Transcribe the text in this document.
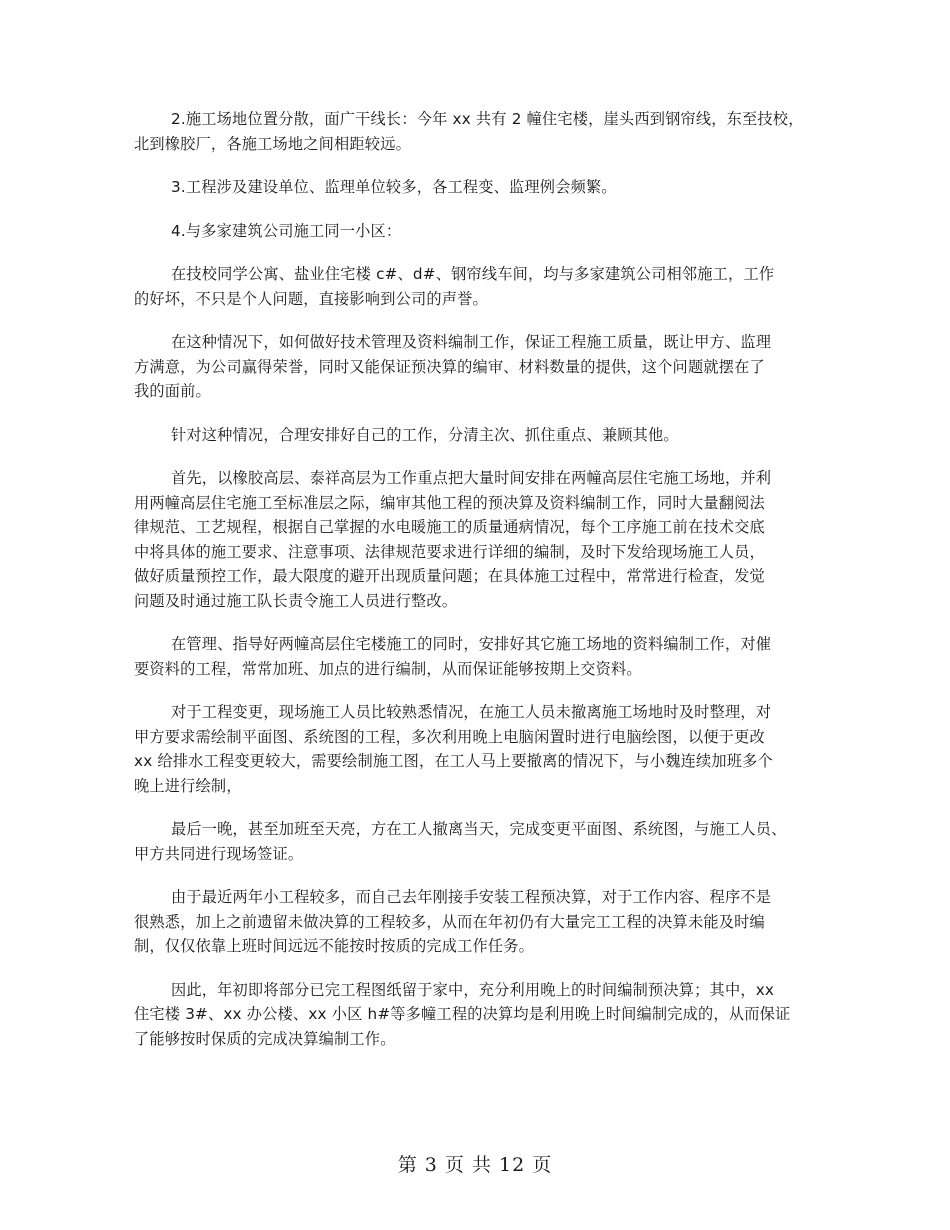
2.施工场地位置分散，面广干线长：今年 xx 共有 2 幢住宅楼，崖头西到钢帘线，东至技校，
北到橡胶厂，各施工场地之间相距较远。

3.工程涉及建设单位、监理单位较多，各工程变、监理例会频繁。

4.与多家建筑公司施工同一小区：

在技校同学公寓、盐业住宅楼 c#、d#、钢帘线车间，均与多家建筑公司相邻施工，工作
的好坏，不只是个人问题，直接影响到公司的声誉。

在这种情况下，如何做好技术管理及资料编制工作，保证工程施工质量，既让甲方、监理
方满意，为公司赢得荣誉，同时又能保证预决算的编审、材料数量的提供，这个问题就摆在了
我的面前。

针对这种情况，合理安排好自己的工作，分清主次、抓住重点、兼顾其他。

首先，以橡胶高层、泰祥高层为工作重点把大量时间安排在两幢高层住宅施工场地，并利
用两幢高层住宅施工至标准层之际，编审其他工程的预决算及资料编制工作，同时大量翻阅法
律规范、工艺规程，根据自己掌握的水电暖施工的质量通病情况，每个工序施工前在技术交底
中将具体的施工要求、注意事项、法律规范要求进行详细的编制，及时下发给现场施工人员，
做好质量预控工作，最大限度的避开出现质量问题；在具体施工过程中，常常进行检查，发觉
问题及时通过施工队长责令施工人员进行整改。

在管理、指导好两幢高层住宅楼施工的同时，安排好其它施工场地的资料编制工作，对催
要资料的工程，常常加班、加点的进行编制，从而保证能够按期上交资料。

对于工程变更，现场施工人员比较熟悉情况，在施工人员未撤离施工场地时及时整理，对
甲方要求需绘制平面图、系统图的工程，多次利用晚上电脑闲置时进行电脑绘图，以便于更改
xx 给排水工程变更较大，需要绘制施工图，在工人马上要撤离的情况下，与小魏连续加班多个
晚上进行绘制，

最后一晚，甚至加班至天亮，方在工人撤离当天，完成变更平面图、系统图，与施工人员、
甲方共同进行现场签证。

由于最近两年小工程较多，而自己去年刚接手安装工程预决算，对于工作内容、程序不是
很熟悉，加上之前遗留未做决算的工程较多，从而在年初仍有大量完工工程的决算未能及时编
制，仅仅依靠上班时间远远不能按时按质的完成工作任务。

因此，年初即将部分已完工程图纸留于家中，充分利用晚上的时间编制预决算；其中，xx
住宅楼 3#、xx 办公楼、xx 小区 h#等多幢工程的决算均是利用晚上时间编制完成的，从而保证
了能够按时保质的完成决算编制工作。

第 3 页 共 12 页
